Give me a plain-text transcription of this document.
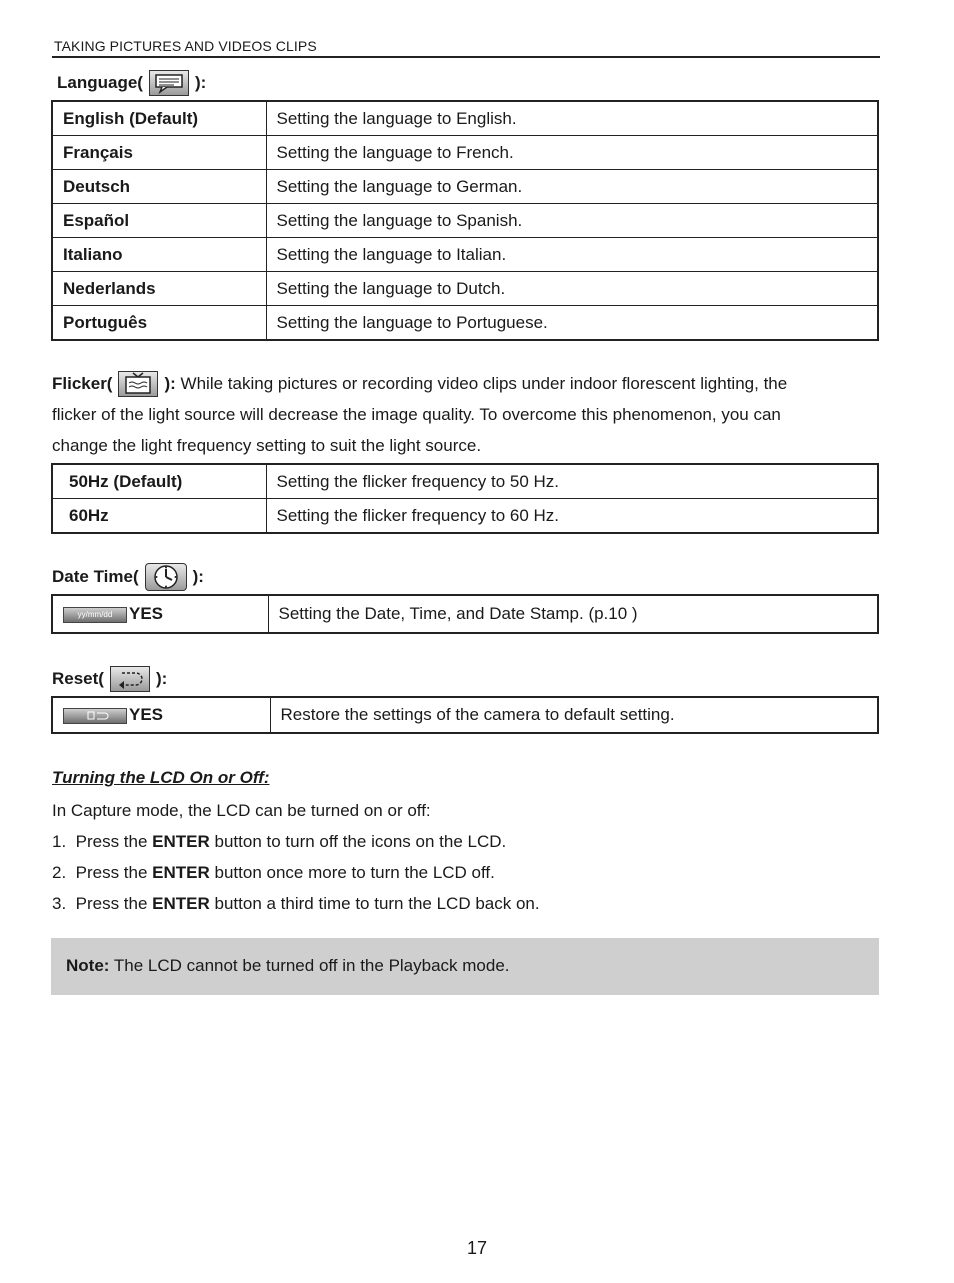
TAKING PICTURES AND VIDEOS CLIPS
Language(	):
English (Default)	Setting the language to English.
Français	Setting the language to French.
Deutsch	Setting the language to German.
Español	Setting the language to Spanish.
Italiano	Setting the language to Italian.
Nederlands	Setting the language to Dutch.
Português	Setting the language to Portuguese.
Flicker(	):
While taking pictures or recording video clips under indoor florescent lighting, the
flicker of the light source will decrease the image quality. To overcome this phenomenon, you can
change the light frequency setting to suit the light source.
50Hz (Default)	Setting the flicker frequency to 50 Hz.
60Hz	Setting the flicker frequency to 60 Hz.
Date Time(	):
yy/mm/dd YES	Setting the Date, Time, and Date Stamp. (p.10 )
Reset(	):
YES	Restore the settings of the camera to default setting.
Turning the LCD On or Off:
In Capture mode, the LCD can be turned on or off:
1.  Press the ENTER button to turn off the icons on the LCD.
2.  Press the ENTER button once more to turn the LCD off.
3.  Press the ENTER button a third time to turn the LCD back on.
Note: The LCD cannot be turned off in the Playback mode.
17
